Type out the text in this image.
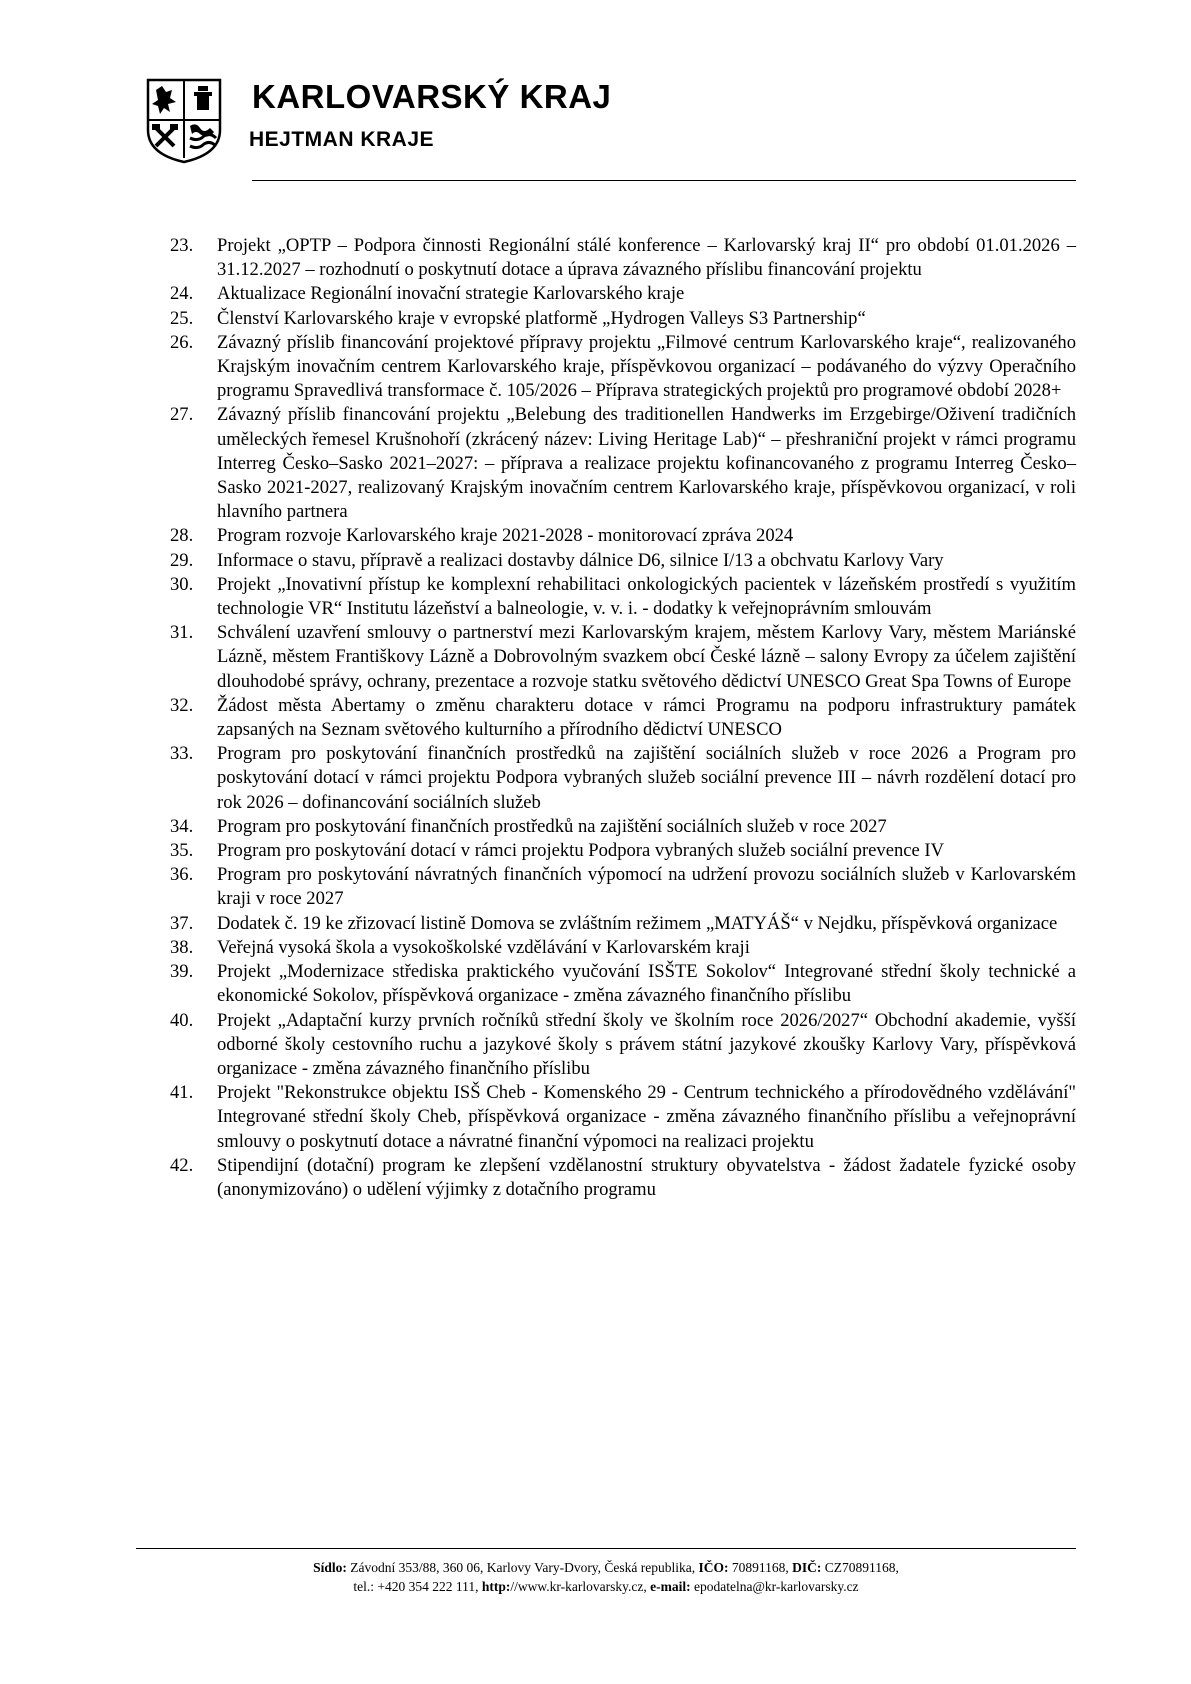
KARLOVARSKÝ KRAJ
HEJTMAN KRAJE
23.	Projekt „OPTP – Podpora činnosti Regionální stálé konference – Karlovarský kraj II“ pro období 01.01.2026 – 31.12.2027 – rozhodnutí o poskytnutí dotace a úprava závazného příslibu financování projektu
24.	Aktualizace Regionální inovační strategie Karlovarského kraje
25.	Členství Karlovarského kraje v evropské platformě „Hydrogen Valleys S3 Partnership“
26.	Závazný příslib financování projektové přípravy projektu „Filmové centrum Karlovarského kraje“, realizovaného Krajským inovačním centrem Karlovarského kraje, příspěvkovou organizací – podávaného do výzvy Operačního programu Spravedlivá transformace č. 105/2026 – Příprava strategických projektů pro programové období 2028+
27.	Závazný příslib financování projektu „Belebung des traditionellen Handwerks im Erzgebirge/Oživení tradičních uměleckých řemesel Krušnohoří (zkrácený název: Living Heritage Lab)“ – přeshraniční projekt v rámci programu Interreg Česko–Sasko 2021–2027: – příprava a realizace projektu kofinancovaného z programu Interreg Česko–Sasko 2021-2027, realizovaný Krajským inovačním centrem Karlovarského kraje, příspěvkovou organizací, v roli hlavního partnera
28.	Program rozvoje Karlovarského kraje 2021-2028 - monitorovací zpráva 2024
29.	Informace o stavu, přípravě a realizaci dostavby dálnice D6, silnice I/13 a obchvatu Karlovy Vary
30.	Projekt „Inovativní přístup ke komplexní rehabilitaci onkologických pacientek v lázeňském prostředí s využitím technologie VR“ Institutu lázeňství a balneologie, v. v. i. - dodatky k veřejnoprávním smlouvám
31.	Schválení uzavření smlouvy o partnerství mezi Karlovarským krajem, městem Karlovy Vary, městem Mariánské Lázně, městem Františkovy Lázně a Dobrovolným svazkem obcí České lázně – salony Evropy za účelem zajištění dlouhodobé správy, ochrany, prezentace a rozvoje statku světového dědictví UNESCO Great Spa Towns of Europe
32.	Žádost města Abertamy o změnu charakteru dotace v rámci Programu na podporu infrastruktury památek zapsaných na Seznam světového kulturního a přírodního dědictví UNESCO
33.	Program pro poskytování finančních prostředků na zajištění sociálních služeb v roce 2026 a Program pro poskytování dotací v rámci projektu Podpora vybraných služeb sociální prevence III – návrh rozdělení dotací pro rok 2026 – dofinancování sociálních služeb
34.	Program pro poskytování finančních prostředků na zajištění sociálních služeb v roce 2027
35.	Program pro poskytování dotací v rámci projektu Podpora vybraných služeb sociální prevence IV
36.	Program pro poskytování návratných finančních výpomocí na udržení provozu sociálních služeb v Karlovarském kraji v roce 2027
37.	Dodatek č. 19 ke zřizovací listině Domova se zvláštním režimem „MATYÁŠ“ v Nejdku, příspěvková organizace
38.	Veřejná vysoká škola a vysokoškolské vzdělávání v Karlovarském kraji
39.	Projekt „Modernizace střediska praktického vyučování ISŠTE Sokolov“ Integrované střední školy technické a ekonomické Sokolov, příspěvková organizace - změna závazného finančního příslibu
40.	Projekt „Adaptační kurzy prvních ročníků střední školy ve školním roce 2026/2027“ Obchodní akademie, vyšší odborné školy cestovního ruchu a jazykové školy s právem státní jazykové zkoušky Karlovy Vary, příspěvková organizace - změna závazného finančního příslibu
41.	Projekt "Rekonstrukce objektu ISŠ Cheb - Komenského 29 - Centrum technického a přírodovědného vzdělávání" Integrované střední školy Cheb, příspěvková organizace - změna závazného finančního příslibu a veřejnoprávní smlouvy o poskytnutí dotace a návratné finanční výpomoci na realizaci projektu
42.	Stipendijní (dotační) program ke zlepšení vzdělanostní struktury obyvatelstva - žádost žadatele fyzické osoby (anonymizováno) o udělení výjimky z dotačního programu
Sídlo: Závodní 353/88, 360 06, Karlovy Vary-Dvory, Česká republika, IČO: 70891168, DIČ: CZ70891168,
tel.: +420 354 222 111, http://www.kr-karlovarsky.cz, e-mail: epodatelna@kr-karlovarsky.cz
